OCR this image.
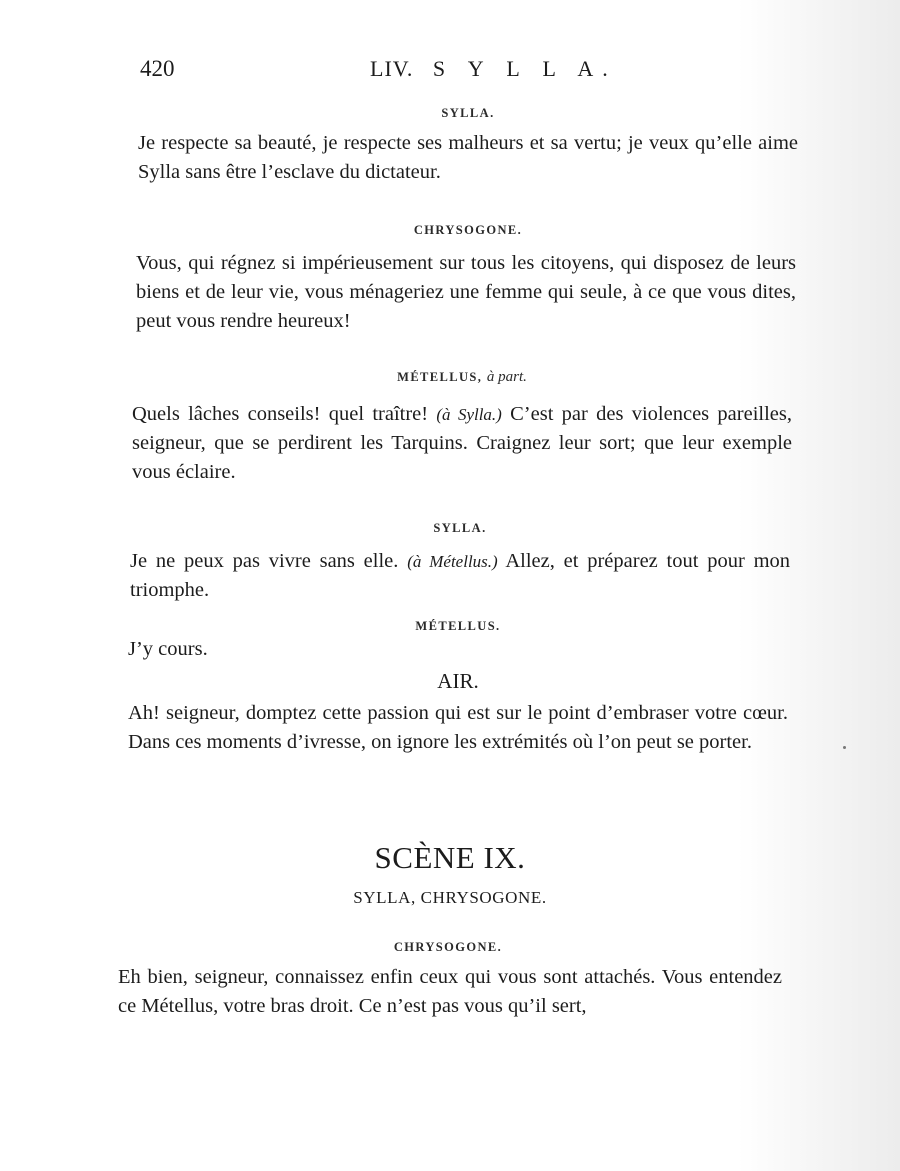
420	LIV. S Y L L A.
SYLLA.
Je respecte sa beauté, je respecte ses malheurs et sa vertu; je veux qu’elle aime Sylla sans être l’esclave du dictateur.
CHRYSOGONE.
Vous, qui régnez si impérieusement sur tous les citoyens, qui disposez de leurs biens et de leur vie, vous ménageriez une femme qui seule, à ce que vous dites, peut vous rendre heureux!
MÉTELLUS, à part.
Quels lâches conseils! quel traître! (à Sylla.) C’est par des violences pareilles, seigneur, que se perdirent les Tarquins. Craignez leur sort; que leur exemple vous éclaire.
SYLLA.
Je ne peux pas vivre sans elle. (à Métellus.) Allez, et préparez tout pour mon triomphe.
MÉTELLUS.
J’y cours.
AIR.
Ah! seigneur, domptez cette passion qui est sur le point d’embraser votre cœur. Dans ces moments d’ivresse, on ignore les extrémités où l’on peut se porter.
SCÈNE IX.
SYLLA, CHRYSOGONE.
CHRYSOGONE.
Eh bien, seigneur, connaissez enfin ceux qui vous sont attachés. Vous entendez ce Métellus, votre bras droit. Ce n’est pas vous qu’il sert,
